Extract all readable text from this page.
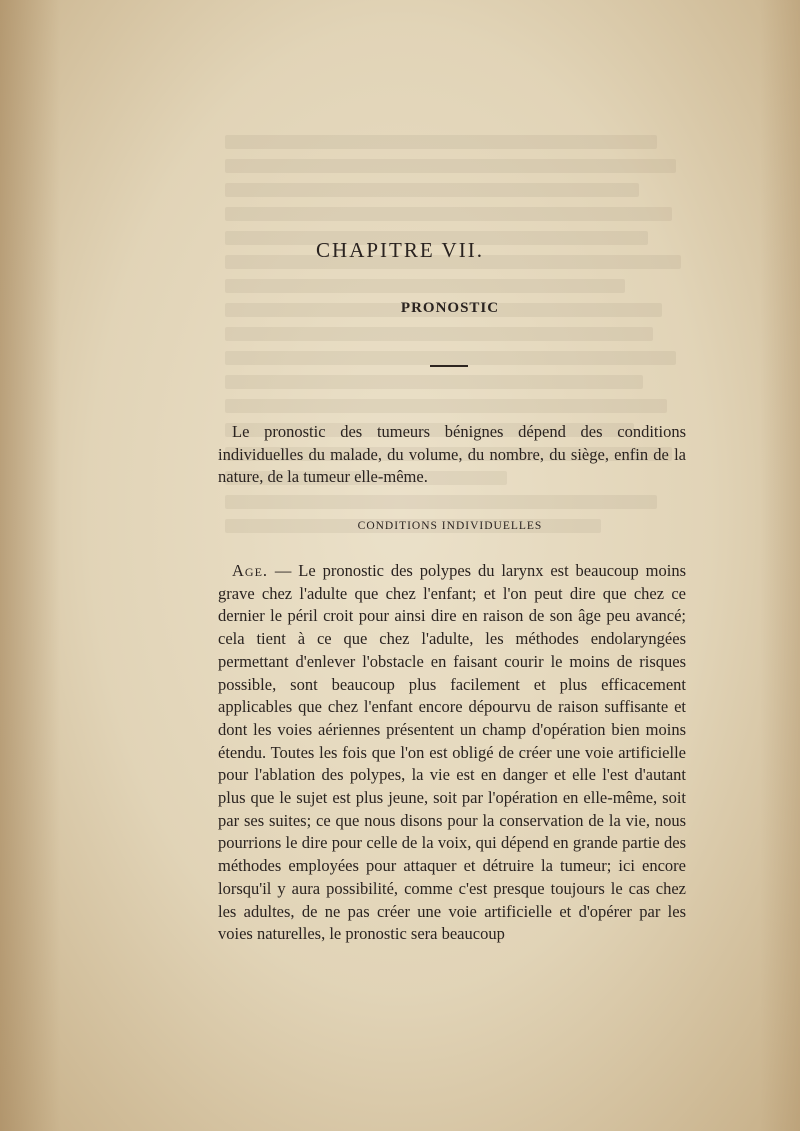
CHAPITRE VII.
PRONOSTIC

Le pronostic des tumeurs bénignes dépend des conditions individuelles du malade, du volume, du nombre, du siège, enfin de la nature, de la tumeur elle-même.

CONDITIONS INDIVIDUELLES

Age. — Le pronostic des polypes du larynx est beaucoup moins grave chez l'adulte que chez l'enfant; et l'on peut dire que chez ce dernier le péril croit pour ainsi dire en raison de son âge peu avancé; cela tient à ce que chez l'adulte, les méthodes endolaryngées permettant d'enlever l'obstacle en faisant courir le moins de risques possible, sont beaucoup plus facilement et plus efficacement applicables que chez l'enfant encore dépourvu de raison suffisante et dont les voies aériennes présentent un champ d'opération bien moins étendu. Toutes les fois que l'on est obligé de créer une voie artificielle pour l'ablation des polypes, la vie est en danger et elle l'est d'autant plus que le sujet est plus jeune, soit par l'opération en elle-même, soit par ses suites; ce que nous disons pour la conservation de la vie, nous pourrions le dire pour celle de la voix, qui dépend en grande partie des méthodes employées pour attaquer et détruire la tumeur; ici encore lorsqu'il y aura possibilité, comme c'est presque toujours le cas chez les adultes, de ne pas créer une voie artificielle et d'opérer par les voies naturelles, le pronostic sera beaucoup
